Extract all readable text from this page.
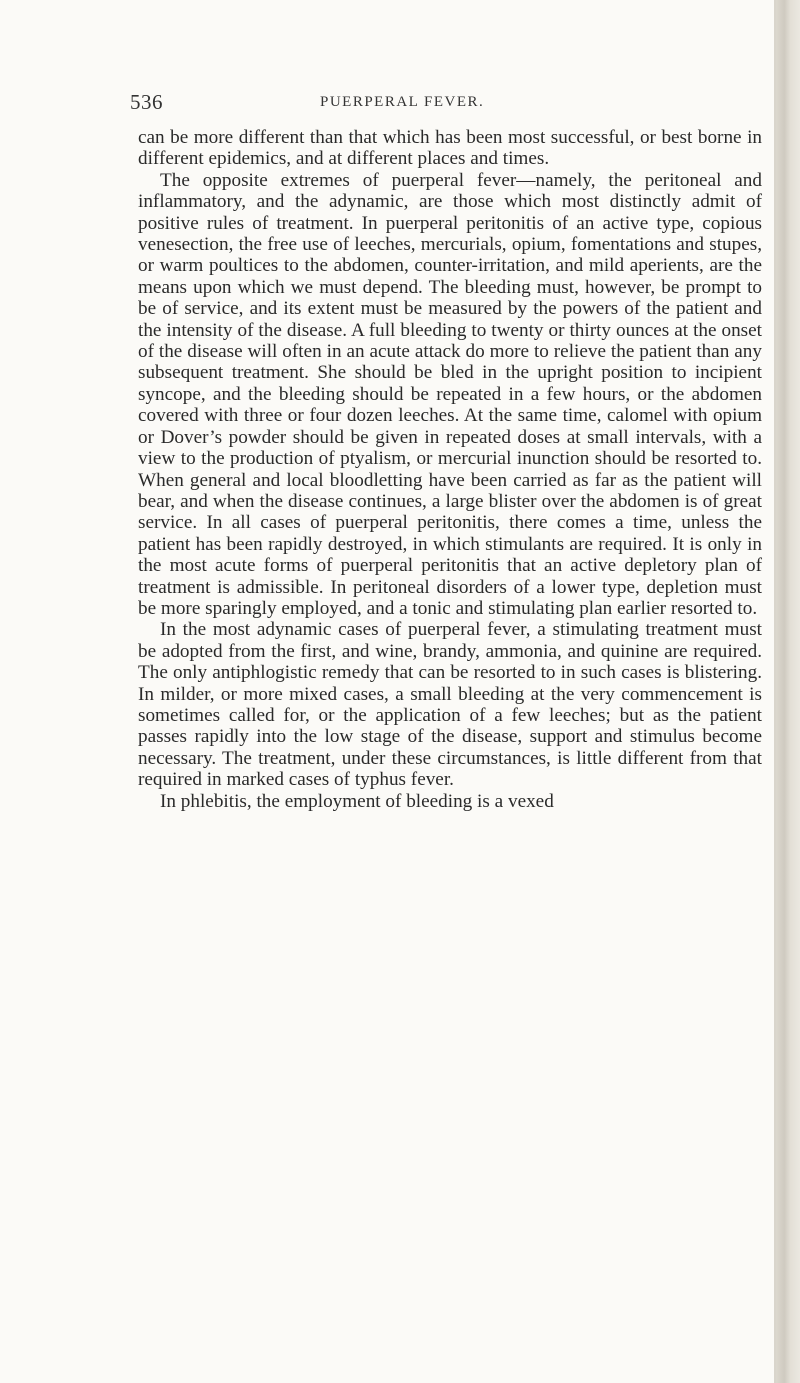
536	PUERPERAL FEVER.

can be more different than that which has been most successful, or best borne in different epidemics, and at different places and times.

The opposite extremes of puerperal fever—namely, the peritoneal and inflammatory, and the adynamic, are those which most distinctly admit of positive rules of treatment. In puerperal peritonitis of an active type, copious venesection, the free use of leeches, mercurials, opium, fomentations and stupes, or warm poultices to the abdomen, counter-irritation, and mild aperients, are the means upon which we must depend. The bleeding must, however, be prompt to be of service, and its extent must be measured by the powers of the patient and the intensity of the disease. A full bleeding to twenty or thirty ounces at the onset of the disease will often in an acute attack do more to relieve the patient than any subsequent treatment. She should be bled in the upright position to incipient syncope, and the bleeding should be repeated in a few hours, or the abdomen covered with three or four dozen leeches. At the same time, calomel with opium or Dover’s powder should be given in repeated doses at small intervals, with a view to the production of ptyalism, or mercurial inunction should be resorted to. When general and local bloodletting have been carried as far as the patient will bear, and when the disease continues, a large blister over the abdomen is of great service. In all cases of puerperal peritonitis, there comes a time, unless the patient has been rapidly destroyed, in which stimulants are required. It is only in the most acute forms of puerperal peritonitis that an active depletory plan of treatment is admissible. In peritoneal disorders of a lower type, depletion must be more sparingly employed, and a tonic and stimulating plan earlier resorted to.

In the most adynamic cases of puerperal fever, a stimulating treatment must be adopted from the first, and wine, brandy, ammonia, and quinine are required. The only antiphlogistic remedy that can be resorted to in such cases is blistering. In milder, or more mixed cases, a small bleeding at the very commencement is sometimes called for, or the application of a few leeches; but as the patient passes rapidly into the low stage of the disease, support and stimulus become necessary. The treatment, under these circumstances, is little different from that required in marked cases of typhus fever.

In phlebitis, the employment of bleeding is a vexed
